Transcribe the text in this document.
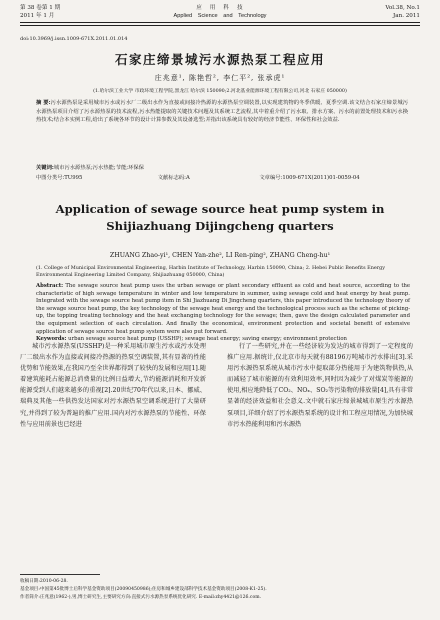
第 38 卷第 1 期	应　用　科　技	Vol.38, No.1
2011 年 1 月	Applied　Science　and　Technology	Jan. 2011
doi:10.3969/j.issn.1009-671X.2011.01.014
石家庄缔景城污水源热泵工程应用
庄兆意¹, 陈艳哲², 李仁平², 张承虎¹
(1.哈尔滨工业大学 市政环境工程学院,黑龙江 哈尔滨 150090;2.河北基业能源环境工程有限公司,河北 石家庄 050000)
摘 要:污水源热泵是采用城市污水或污水厂二级出水作为直接或间接冷热源的水源热泵空调装置,以实现建筑物的冬季供暖、夏季空调.该文结合石家庄缔景城污水源热泵项目介绍了污水源热泵的技术流程,污水热能提取的关键技术问题及其系统工艺流程,其中着重介绍了污水取、排水方案、污水的前置处理技术和污水换热技术;结合本实例工程,给出了系统各环节的设计计算参数及其设备选型;并指出该系统具有较好的经济节能性、环保性和社会效益.
关键词:城市污水源热泵;污水热能;节能;环保保
中图分类号:TU995	文献标志码:A	文章编号:1009-671X(2011)01-0059-04
Application of sewage source heat pump system in Shijiazhuang Dijingcheng quarters
ZHUANG Zhao-yi¹, CHEN Yan-zhe², LI Ren-ping², ZHANG Cheng-hu¹
(1. College of Municipal Environmental Engineering, Harbin Institute of Technology, Harbin 150090, China; 2. Hebei Public Benefits Energy Environmental Engineering Limited Company, Shijiazhuang 050000, China)
Abstract: The sewage source heat pump uses the urban sewage or plant secondary effluent as cold and heat source, according to the characteristic of high sewage temperature in winter and low temperature in summer, using sewage cold and heat energy by heat pump. Integrated with the sewage source heat pump item in Shi Jiazhuang Di Jingcheng quarters, this paper introduced the technology theory of the sewage source heat pump, the key technology of the sewage heat energy and the technological process such as the scheme of picking-up, the topping treating technology and the heat exchanging technology for the sewage; then, gave the design calculated parameter and the equipment selection of each circulation. And finally the economical, environment protection and societal benefit of extensive application of sewage source heat pump system were also put forward.
Keywords: urban sewage source heat pump (USSHP); sewage heat energy; saving energy; environment protection
城市污水源热泵(USSHP)是一种采用城市原生污水或污水处理厂二级出水作为直接或间接冷热源的热泵空调装置,其有显著的性能优势和节能效果,在我国乃至全世界都得到了较快的发展和应用[1].随着建筑能耗占能源总消费量的比例日益增大,节约能源消耗和开发新能源受到人们越来越多的重视[2].20世纪70年代以来,日本、挪威、瑞典及其他一些供热发达国家对污水源热泵空调系统进行了大量研究,并得到了较为普遍的推广应用.国内对污水源热泵的节能性、环保性与应用前景也已经进
行了一些研究,并在一些经济较为发达的城市得到了一定程度的推广应用.据统计,仅北京市每天就有88196万吨城市污水排出[3].采用污水源热泵系统从城市污水中提取部分热能用于为建筑物供热,从而减轻了城市能源的有效利用效率,同时因为减少了对煤炭等能源的使用,相应地降低了CO₂、NOₓ、SO₂等污染物的排放量[4],具有非常显著的经济效益和社会意义.文中就石家庄缔景城城市原生污水源热泵项目,详细介绍了污水源热泵系统的设计和工程应用情况,为加快城市污水热能利用和污水源热
收稿日期:2010-06-28.
基金项目:中国第45批博士后科学基金资助项目(20090450986);住房和城乡建设部科学技术基金资助项目(2008-K1-25).
作者简介:庄兆意(1962-),男,博士研究生,主要研究方向:直接式污水源热泵系统优化研究. E-mail:zhy4421@126.com.
